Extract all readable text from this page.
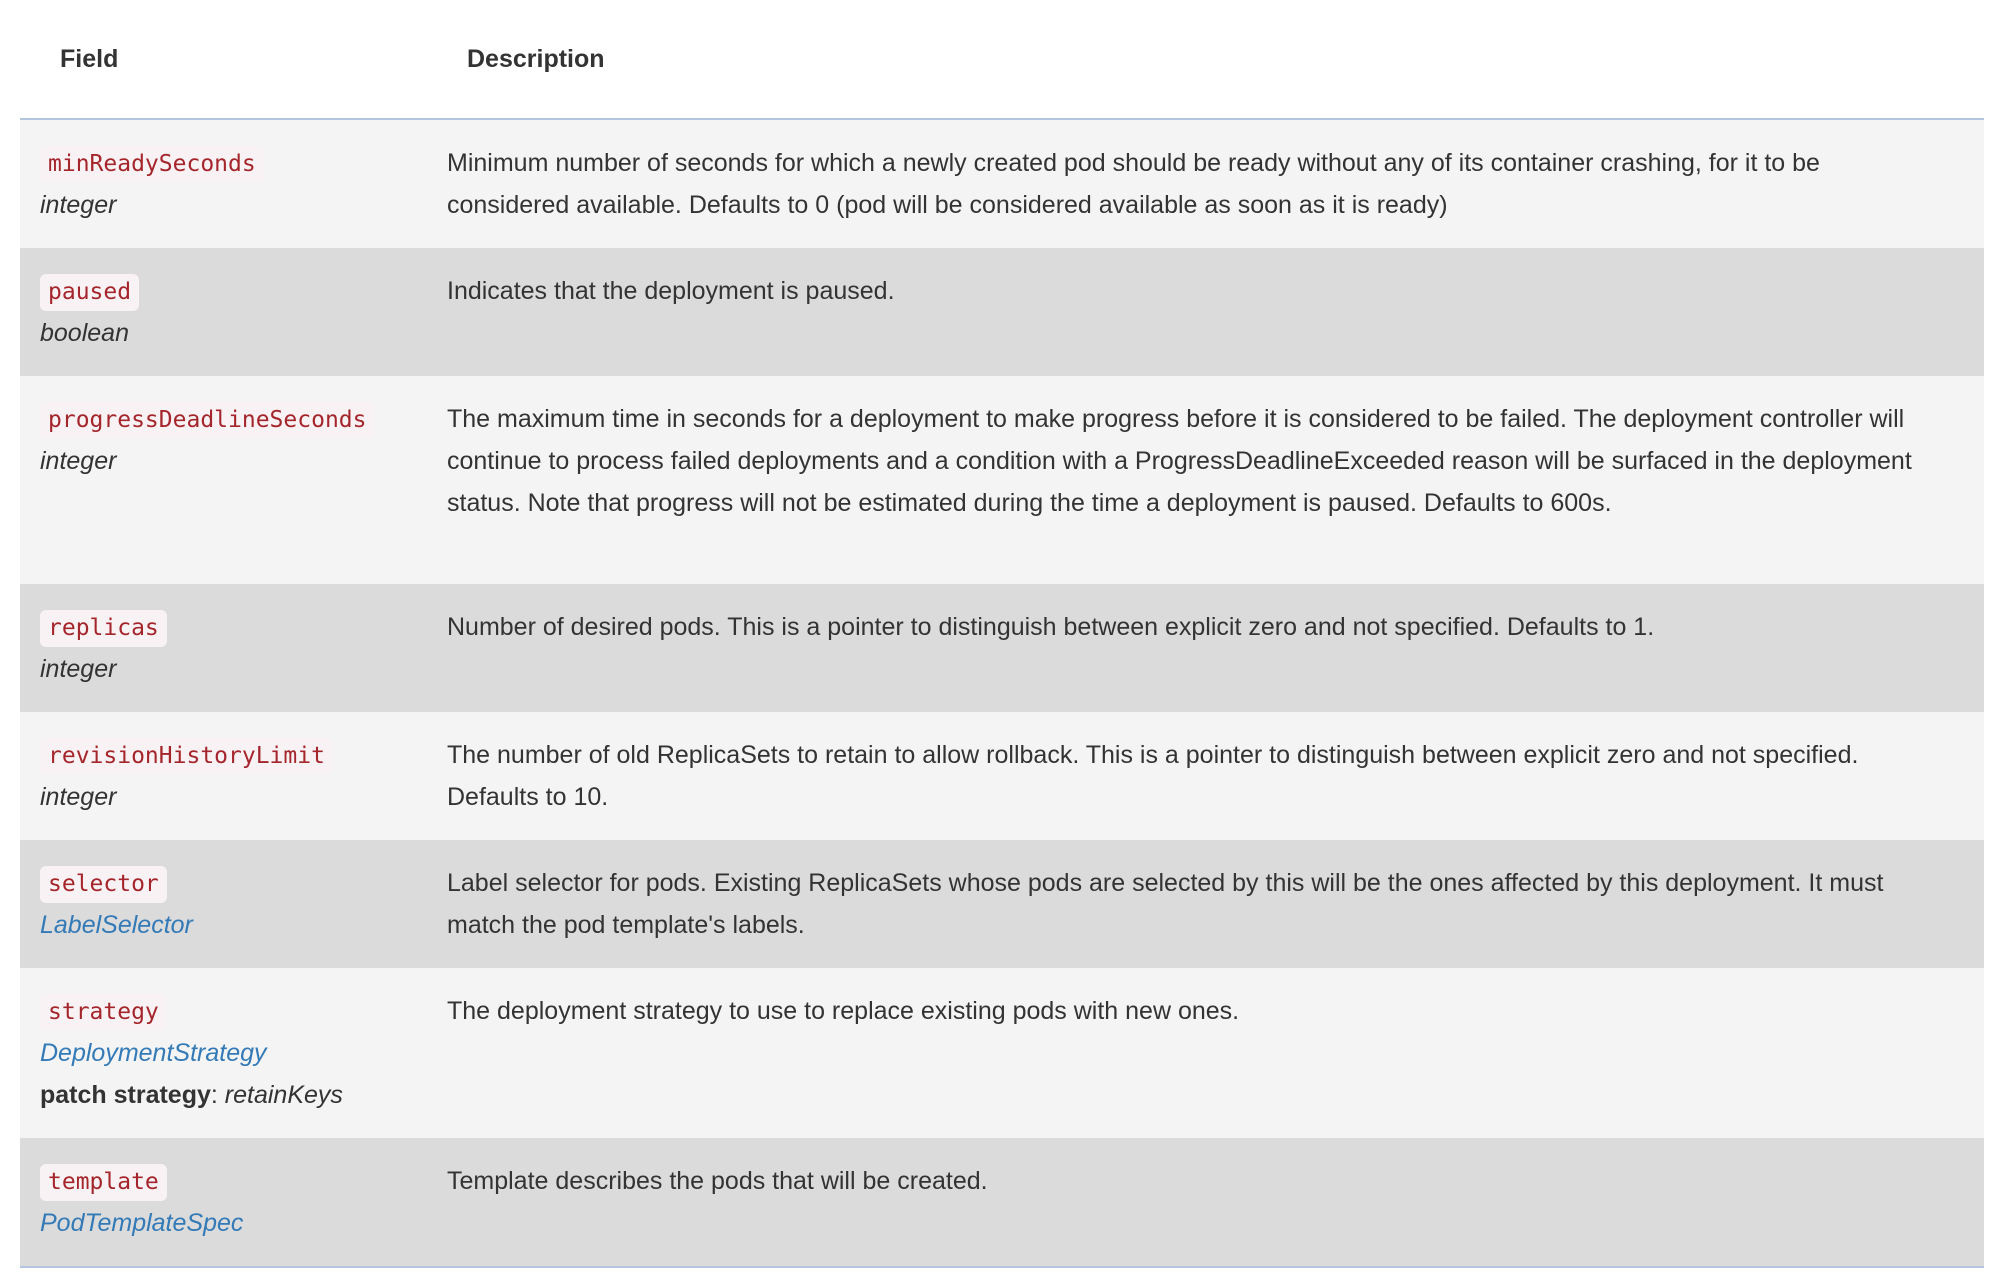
Field	Description

minReadySeconds
integer	Minimum number of seconds for which a newly created pod should be ready without any of its container crashing, for it to be considered available. Defaults to 0 (pod will be considered available as soon as it is ready)

paused
boolean	Indicates that the deployment is paused.

progressDeadlineSeconds
integer	The maximum time in seconds for a deployment to make progress before it is considered to be failed. The deployment controller will continue to process failed deployments and a condition with a ProgressDeadlineExceeded reason will be surfaced in the deployment status. Note that progress will not be estimated during the time a deployment is paused. Defaults to 600s.

replicas
integer	Number of desired pods. This is a pointer to distinguish between explicit zero and not specified. Defaults to 1.

revisionHistoryLimit
integer	The number of old ReplicaSets to retain to allow rollback. This is a pointer to distinguish between explicit zero and not specified. Defaults to 10.

selector
LabelSelector	Label selector for pods. Existing ReplicaSets whose pods are selected by this will be the ones affected by this deployment. It must match the pod template's labels.

strategy
DeploymentStrategy
patch strategy: retainKeys	The deployment strategy to use to replace existing pods with new ones.

template
PodTemplateSpec	Template describes the pods that will be created.
